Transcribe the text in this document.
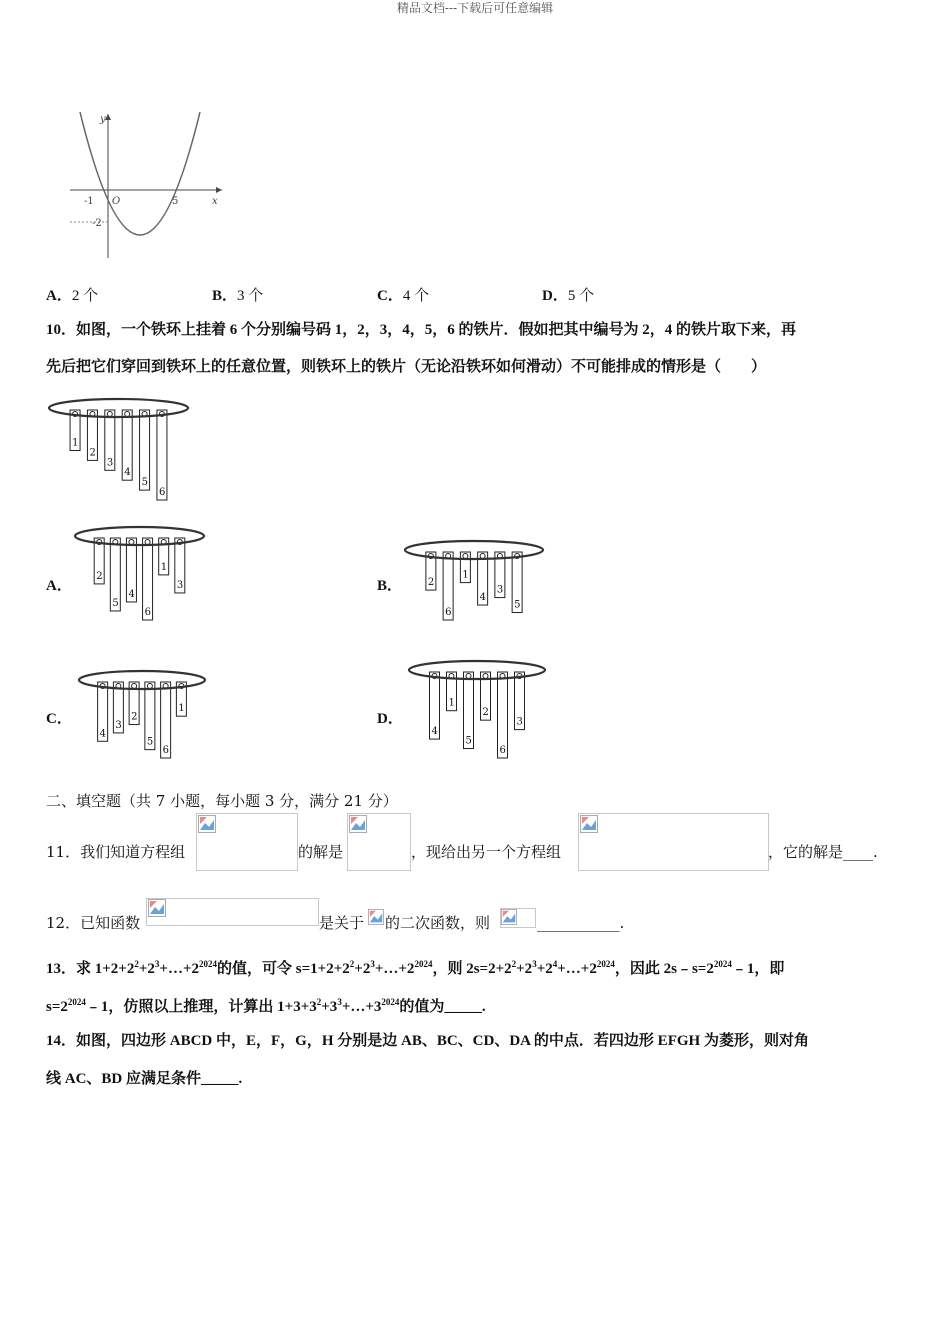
精品文档---下载后可任意编辑
y
x
-1 O	5
-2
A．2 个	B．3 个	C．4 个	D．5 个
10．如图，一个铁环上挂着 6 个分别编号码 1，2，3，4，5，6 的铁片．假如把其中编号为 2，4 的铁片取下来，再
先后把它们穿回到铁环上的任意位置，则铁环上的铁片（无论沿铁环如何滑动）不可能排成的情形是（　　）
1
2
3
4
5
6
A．
2
5
4
6
1
3	B．	2
6
1
4
3
5
C．
4
3
2
5
6
1
D．
4
1
5
2
6
3
二、填空题（共 7 小题，每小题 3 分，满分 21 分）
11．我们知道方程组	的解是	，现给出另一个方程组	，它的解是____.
12．已知函数	是关于 的二次函数，则	___________.
13．求 $1+2+2^2+2^3+\dots+2^{2024}$的值，可令 $s=1+2+2^2+2^3+\dots+2^{2024}$，则 $2s=2+2^2+2^3+2^4+\dots+2^{2024}$，因此 $2s﹣s=2^{2024}﹣1$，即
$s=2^{2024}﹣1$，仿照以上推理，计算出 $1+3+3^2+3^3+\dots+3^{2024}$的值为_____.
14．如图，四边形 ABCD 中，E，F，G，H 分别是边 AB、BC、CD、DA 的中点．若四边形 EFGH 为菱形，则对角
线 AC、BD 应满足条件_____.
